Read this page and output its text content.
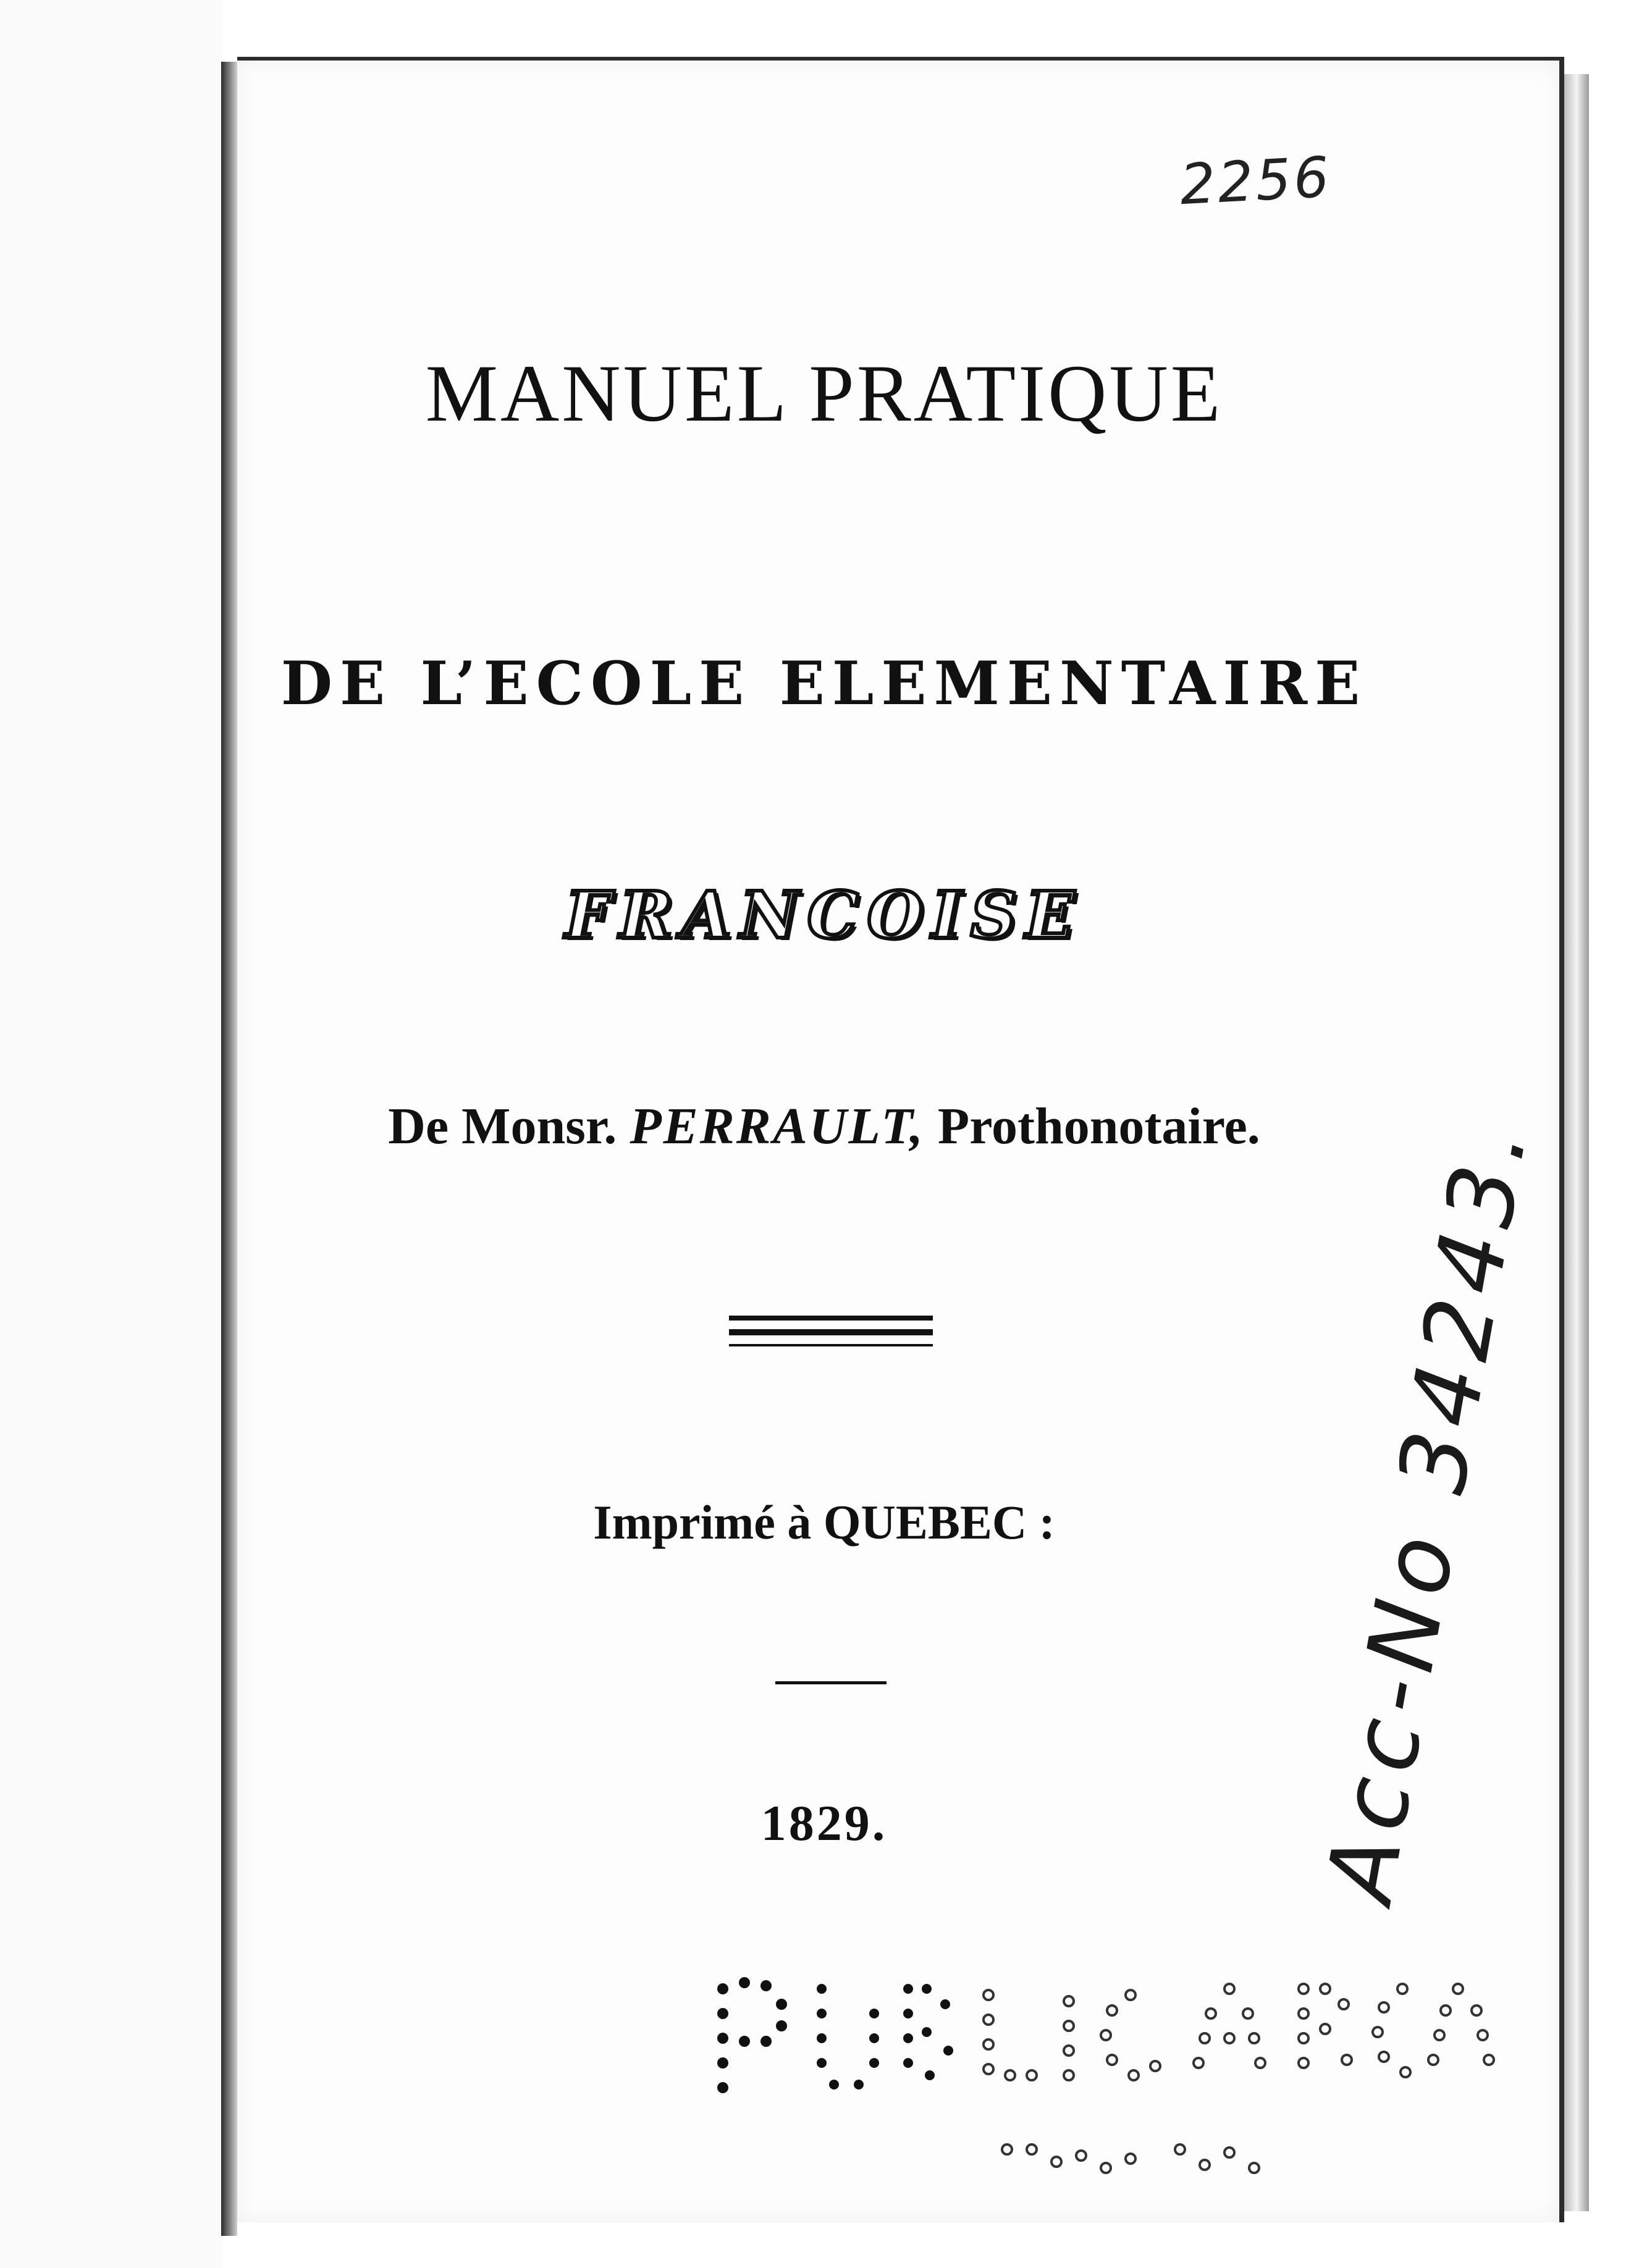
2256
MANUEL PRATIQUE
DE L’ECOLE ELEMENTAIRE
FRANCOISE
De Monsr. PERRAULT, Prothonotaire.
Imprimé à QUEBEC :
1829.	Acc-No 34243.
